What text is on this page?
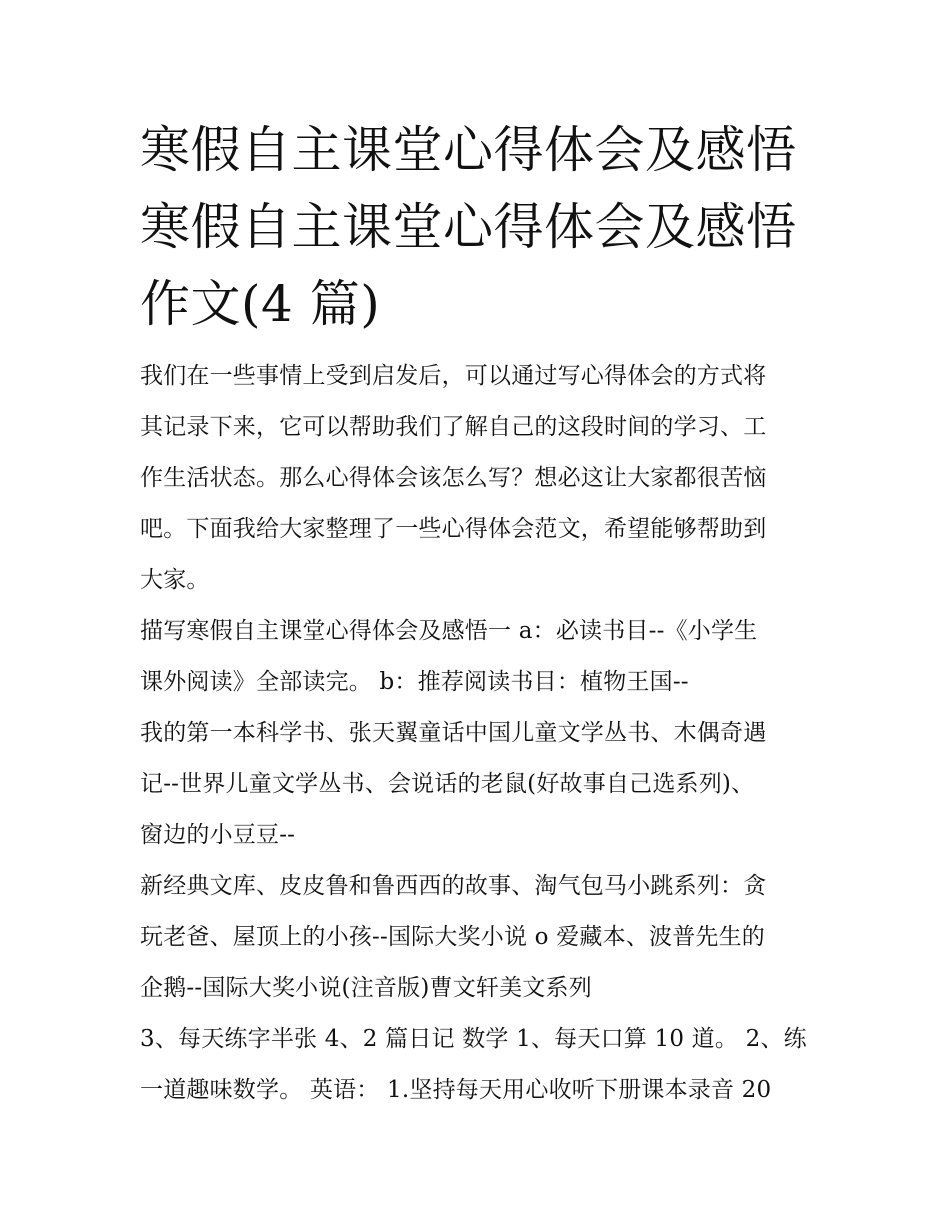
寒假自主课堂心得体会及感悟
寒假自主课堂心得体会及感悟
作文(4 篇)

我们在一些事情上受到启发后，可以通过写心得体会的方式将
其记录下来，它可以帮助我们了解自己的这段时间的学习、工
作生活状态。那么心得体会该怎么写？想必这让大家都很苦恼
吧。下面我给大家整理了一些心得体会范文，希望能够帮助到
大家。

描写寒假自主课堂心得体会及感悟一 a：必读书目--《小学生
课外阅读》全部读完。 b：推荐阅读书目：植物王国--

我的第一本科学书、张天翼童话中国儿童文学丛书、木偶奇遇
记--世界儿童文学丛书、会说话的老鼠(好故事自己选系列)、
窗边的小豆豆--

新经典文库、皮皮鲁和鲁西西的故事、淘气包马小跳系列：贪
玩老爸、屋顶上的小孩--国际大奖小说 o 爱藏本、波普先生的
企鹅--国际大奖小说(注音版)曹文轩美文系列

3、每天练字半张 4、2 篇日记 数学 1、每天口算 10 道。 2、练
一道趣味数学。 英语： 1.坚持每天用心收听下册课本录音 20
